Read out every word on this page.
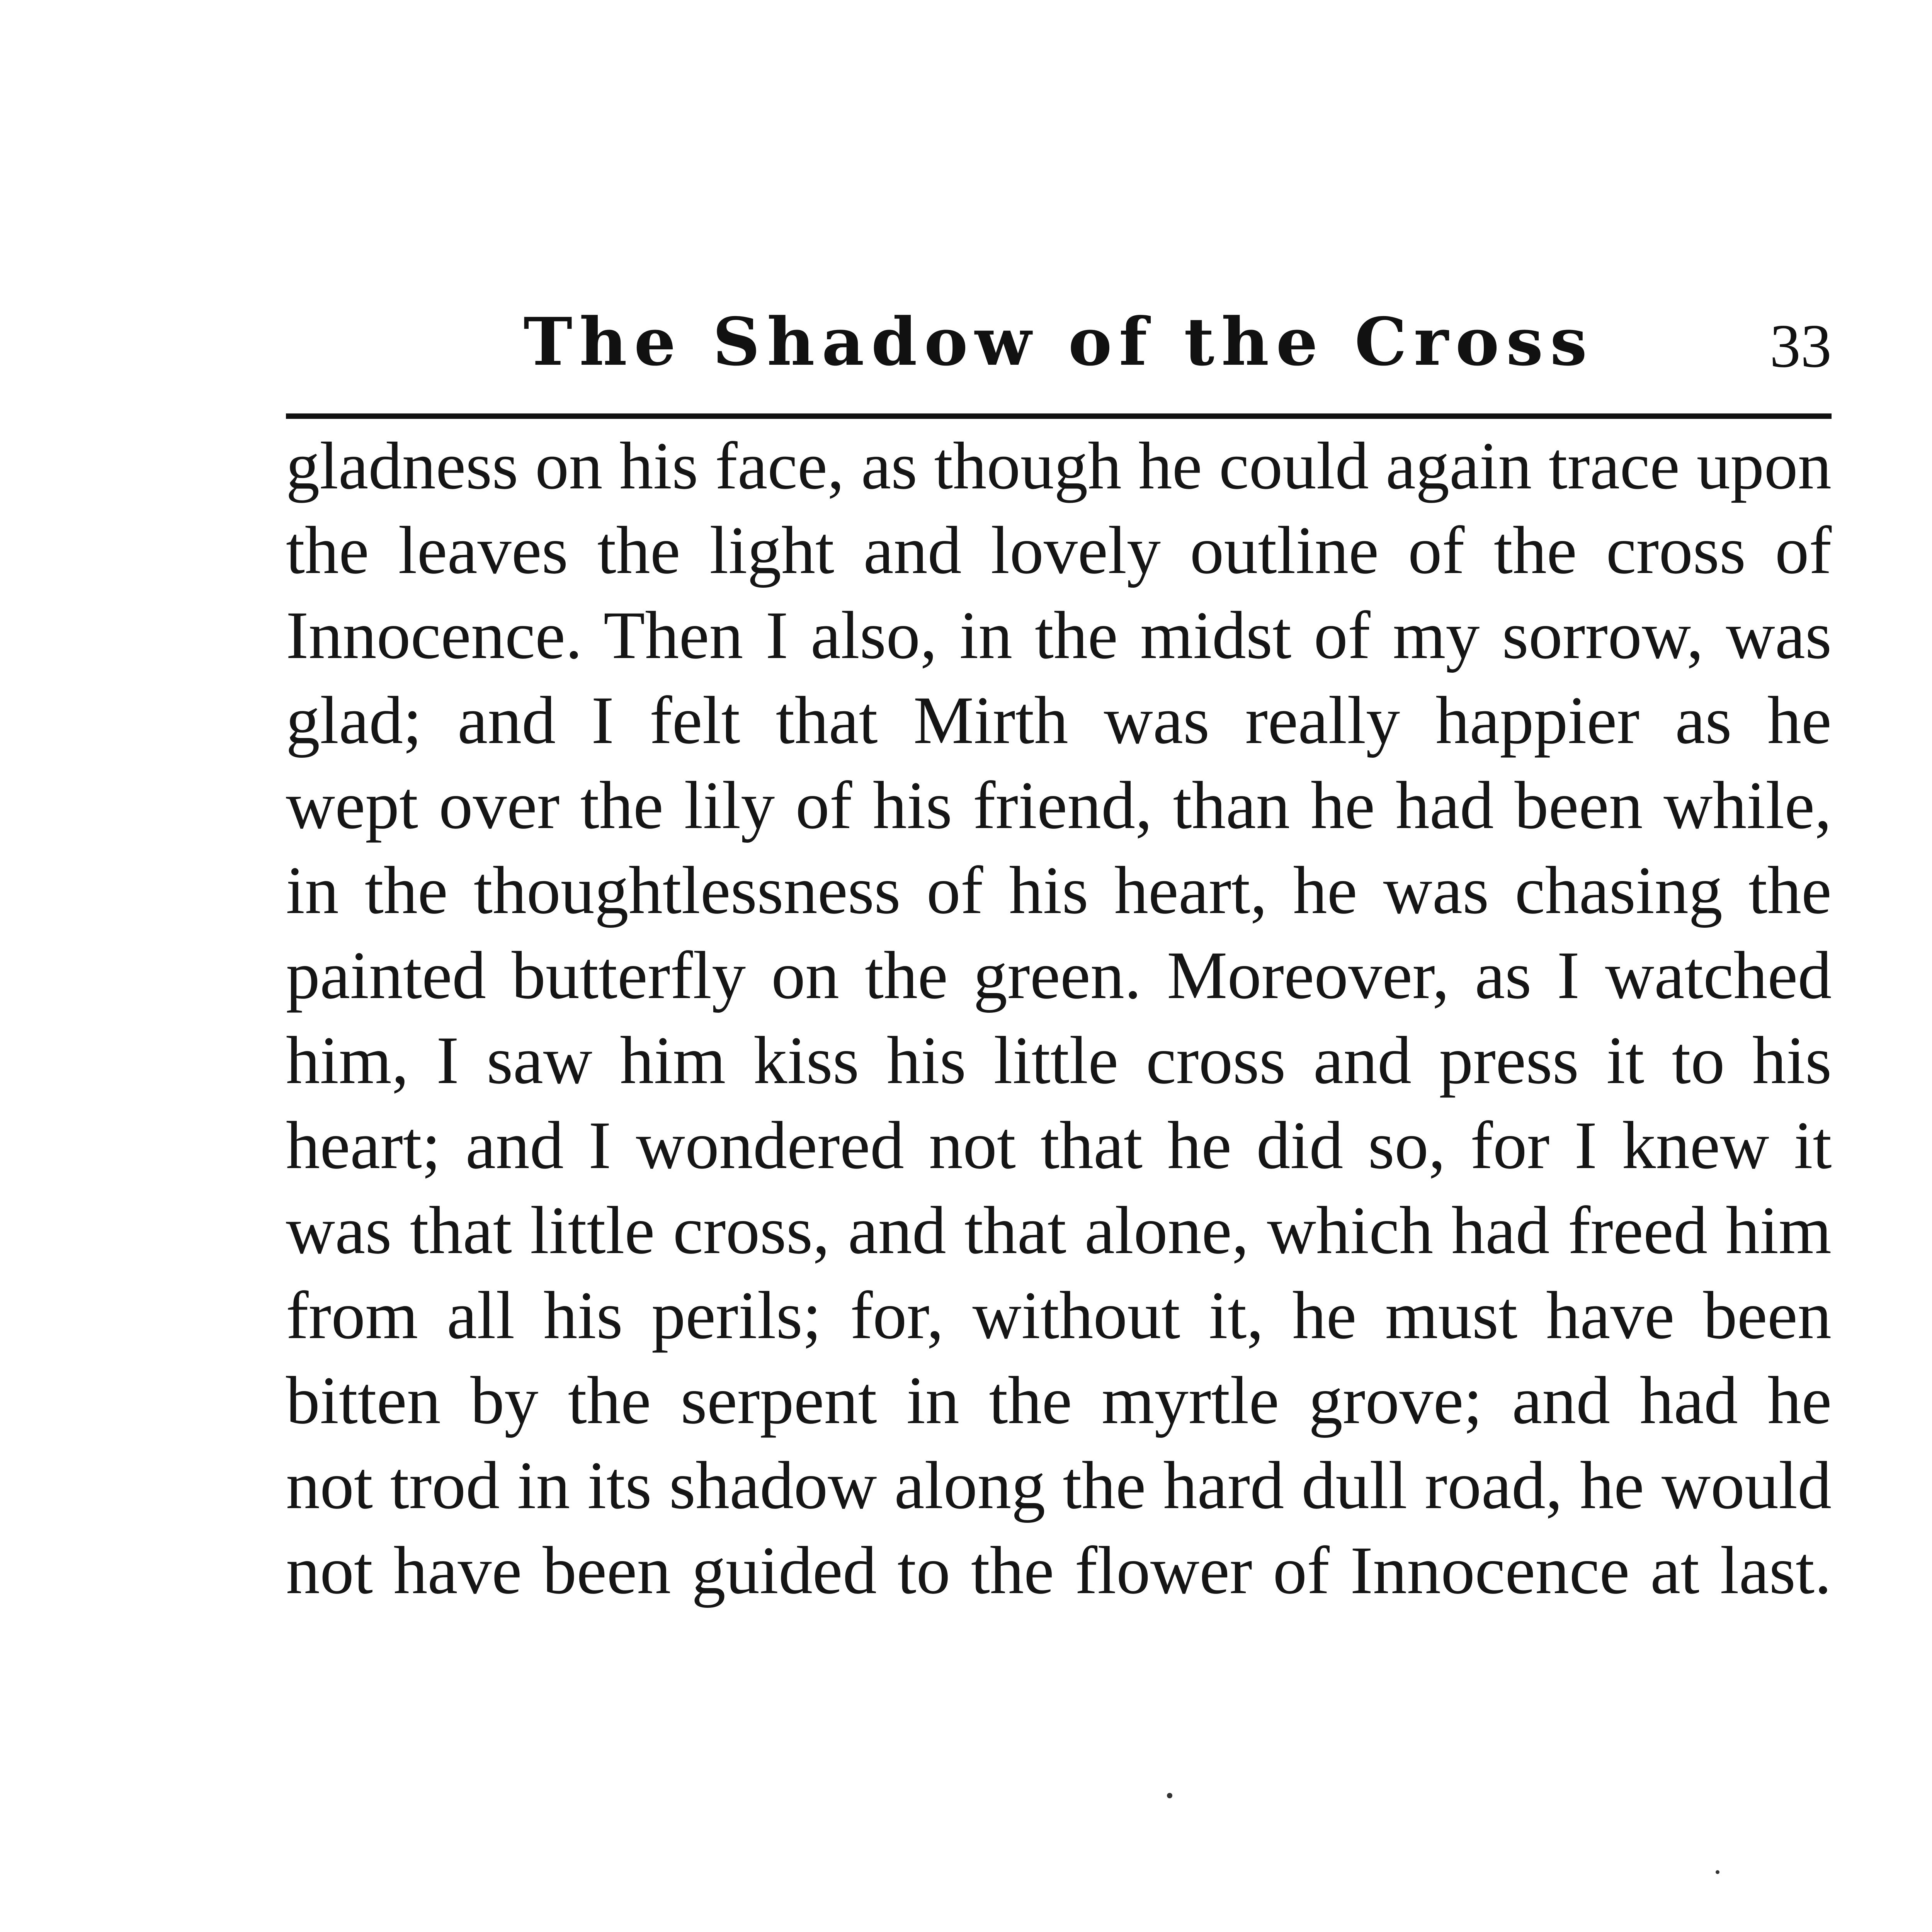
The Shadow of the Cross	33
gladness on his face, as though he could again trace upon
the leaves the light and lovely outline of the cross of
Innocence. Then I also, in the midst of my sorrow, was
glad; and I felt that Mirth was really happier as he
wept over the lily of his friend, than he had been while,
in the thoughtlessness of his heart, he was chasing the
painted butterfly on the green. Moreover, as I watched
him, I saw him kiss his little cross and press it to his
heart; and I wondered not that he did so, for I knew it
was that little cross, and that alone, which had freed him
from all his perils; for, without it, he must have been
bitten by the serpent in the myrtle grove; and had he
not trod in its shadow along the hard dull road, he would
not have been guided to the flower of Innocence at last.
